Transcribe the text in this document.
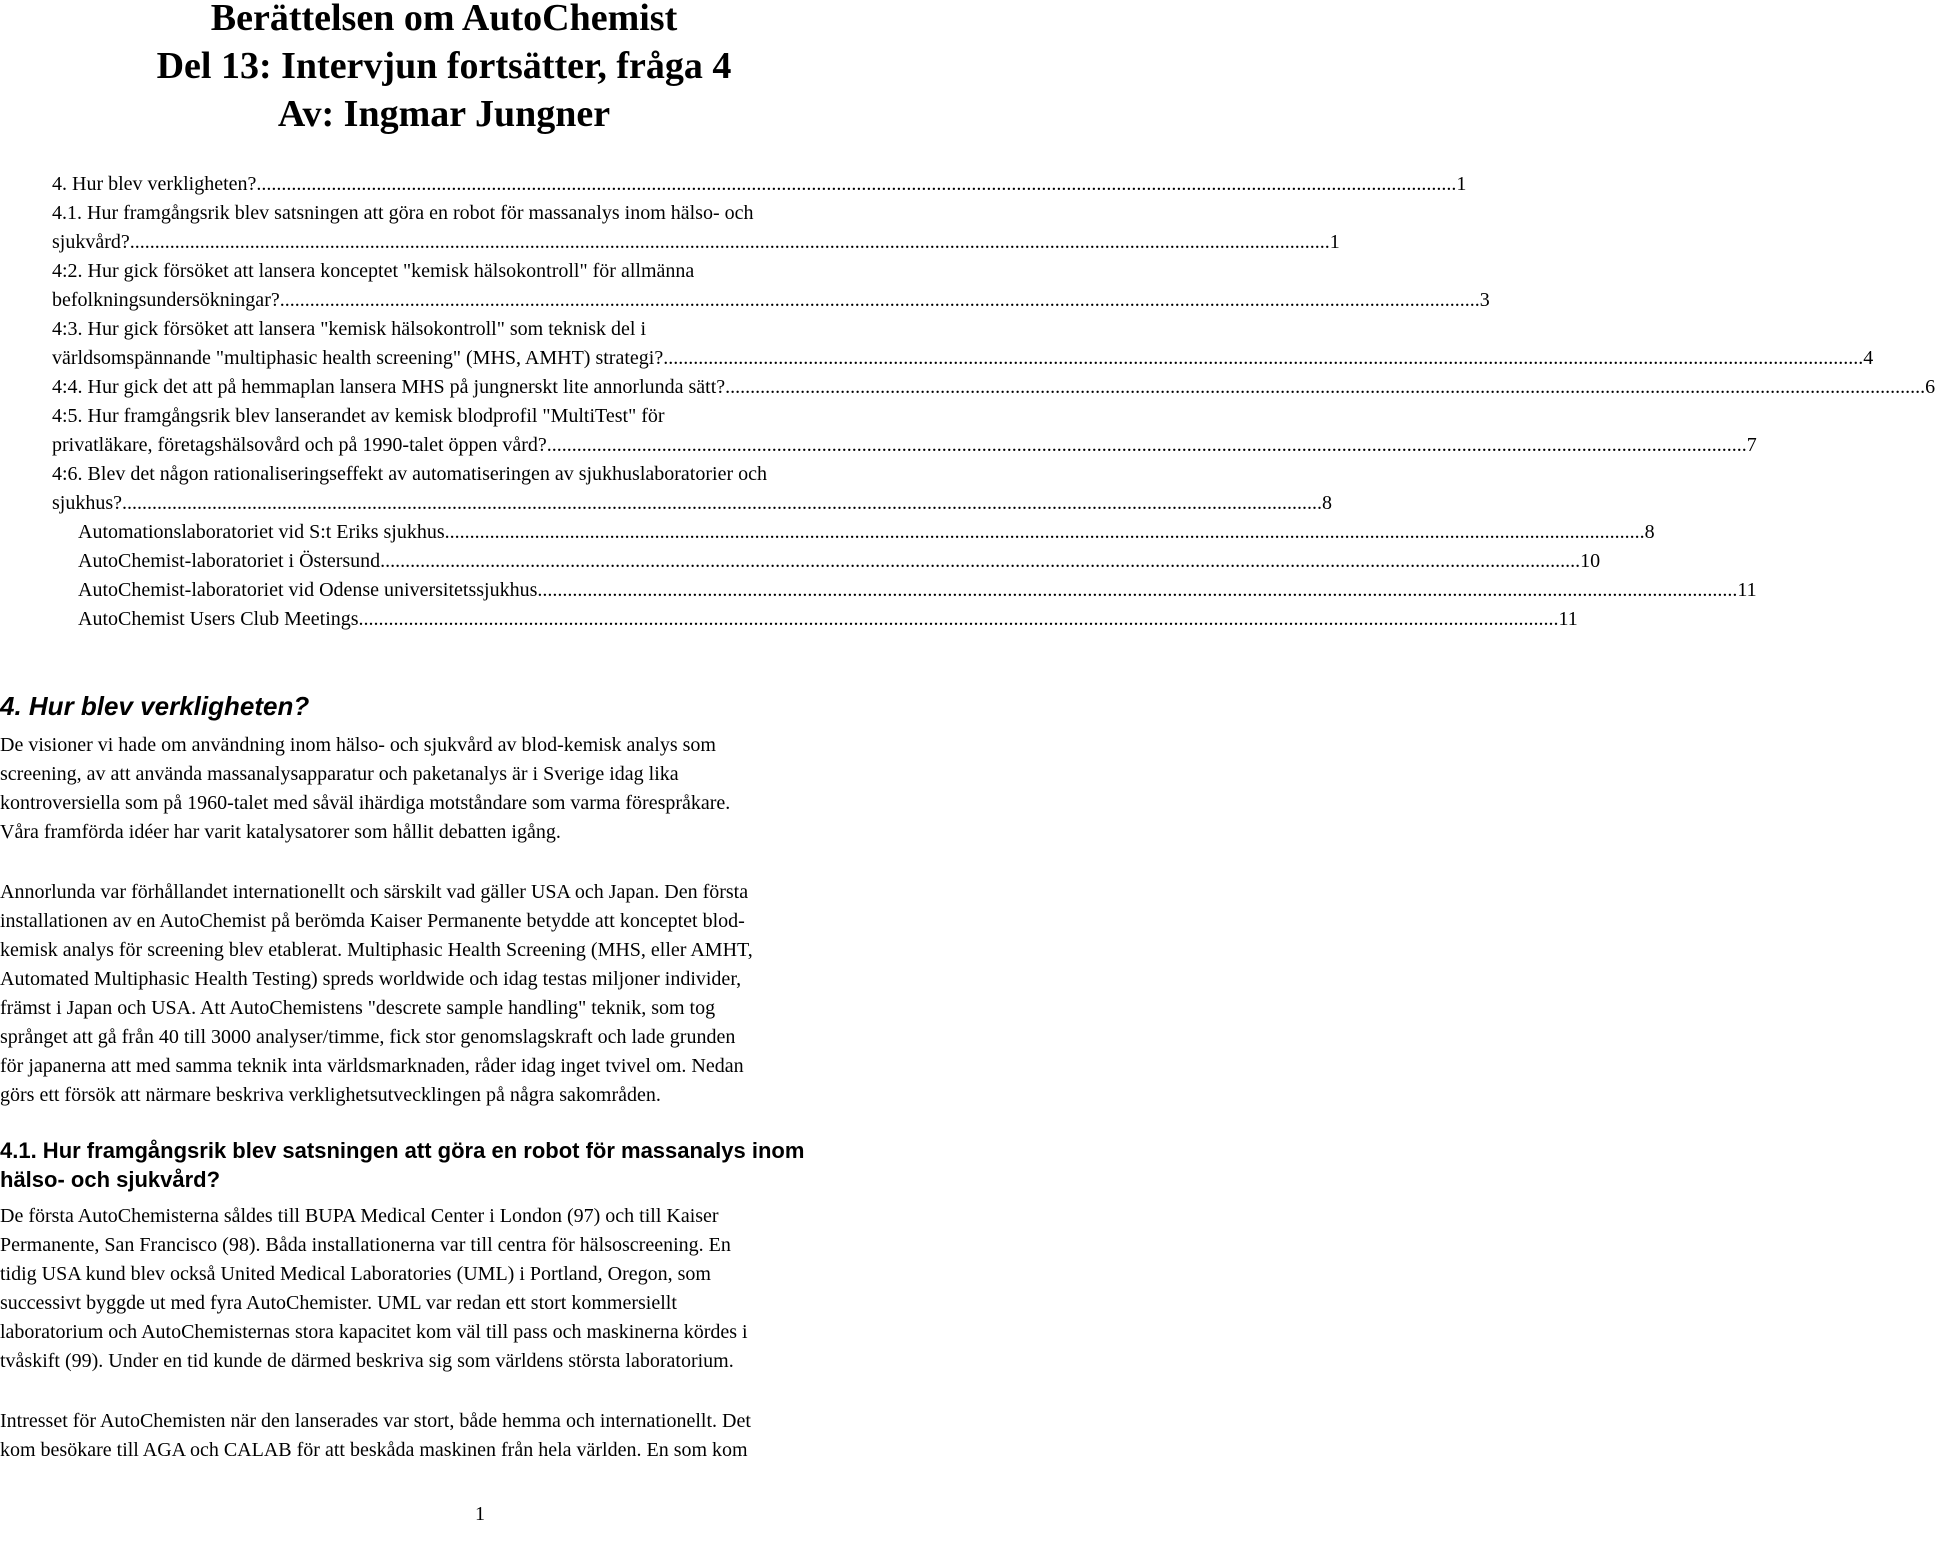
Berättelsen om AutoChemist
Del 13: Intervjun fortsätter, fråga 4
Av: Ingmar Jungner
4. Hur blev verkligheten? .....	1
4.1. Hur framgångsrik blev satsningen att göra en robot för massanalys inom hälso- och
sjukvård? .....	1
4:2. Hur gick försöket att lansera konceptet "kemisk hälsokontroll" för allmänna
befolkningsundersökningar? .....	3
4:3. Hur gick försöket att lansera "kemisk hälsokontroll" som teknisk del i
världsomspännande "multiphasic health screening" (MHS, AMHT) strategi? .....	4
4:4. Hur gick det att på hemmaplan lansera MHS på jungnerskt lite annorlunda sätt? .....	6
4:5. Hur framgångsrik blev lanserandet av kemisk blodprofil "MultiTest" för
privatläkare, företagshälsovård och på 1990-talet öppen vård? .....	7
4:6. Blev det någon rationaliseringseffekt av automatiseringen av sjukhuslaboratorier och
sjukhus? .....	8
Automationslaboratoriet vid S:t Eriks sjukhus .....	8
AutoChemist-laboratoriet i Östersund .....	10
AutoChemist-laboratoriet vid Odense universitetssjukhus .....	11
AutoChemist Users Club Meetings .....	11
4. Hur blev verkligheten?
De visioner vi hade om användning inom hälso- och sjukvård av blod-kemisk analys som
screening, av att använda massanalysapparatur och paketanalys är i Sverige idag lika
kontroversiella som på 1960-talet med såväl ihärdiga motståndare som varma förespråkare.
Våra framförda idéer har varit katalysatorer som hållit debatten igång.
Annorlunda var förhållandet internationellt och särskilt vad gäller USA och Japan. Den första
installationen av en AutoChemist på berömda Kaiser Permanente betydde att konceptet blod-
kemisk analys för screening blev etablerat. Multiphasic Health Screening (MHS, eller AMHT,
Automated Multiphasic Health Testing) spreds worldwide och idag testas miljoner individer,
främst i Japan och USA. Att AutoChemistens "descrete sample handling" teknik, som tog
språnget att gå från 40 till 3000 analyser/timme, fick stor genomslagskraft och lade grunden
för japanerna att med samma teknik inta världsmarknaden, råder idag inget tvivel om. Nedan
görs ett försök att närmare beskriva verklighetsutvecklingen på några sakområden.
4.1. Hur framgångsrik blev satsningen att göra en robot för massanalys inom
hälso- och sjukvård?
De första AutoChemisterna såldes till BUPA Medical Center i London (97) och till Kaiser
Permanente, San Francisco (98). Båda installationerna var till centra för hälsoscreening. En
tidig USA kund blev också United Medical Laboratories (UML) i Portland, Oregon, som
successivt byggde ut med fyra AutoChemister. UML var redan ett stort kommersiellt
laboratorium och AutoChemisternas stora kapacitet kom väl till pass och maskinerna kördes i
tvåskift (99). Under en tid kunde de därmed beskriva sig som världens största laboratorium.
Intresset för AutoChemisten när den lanserades var stort, både hemma och internationellt. Det
kom besökare till AGA och CALAB för att beskåda maskinen från hela världen. En som kom
1
